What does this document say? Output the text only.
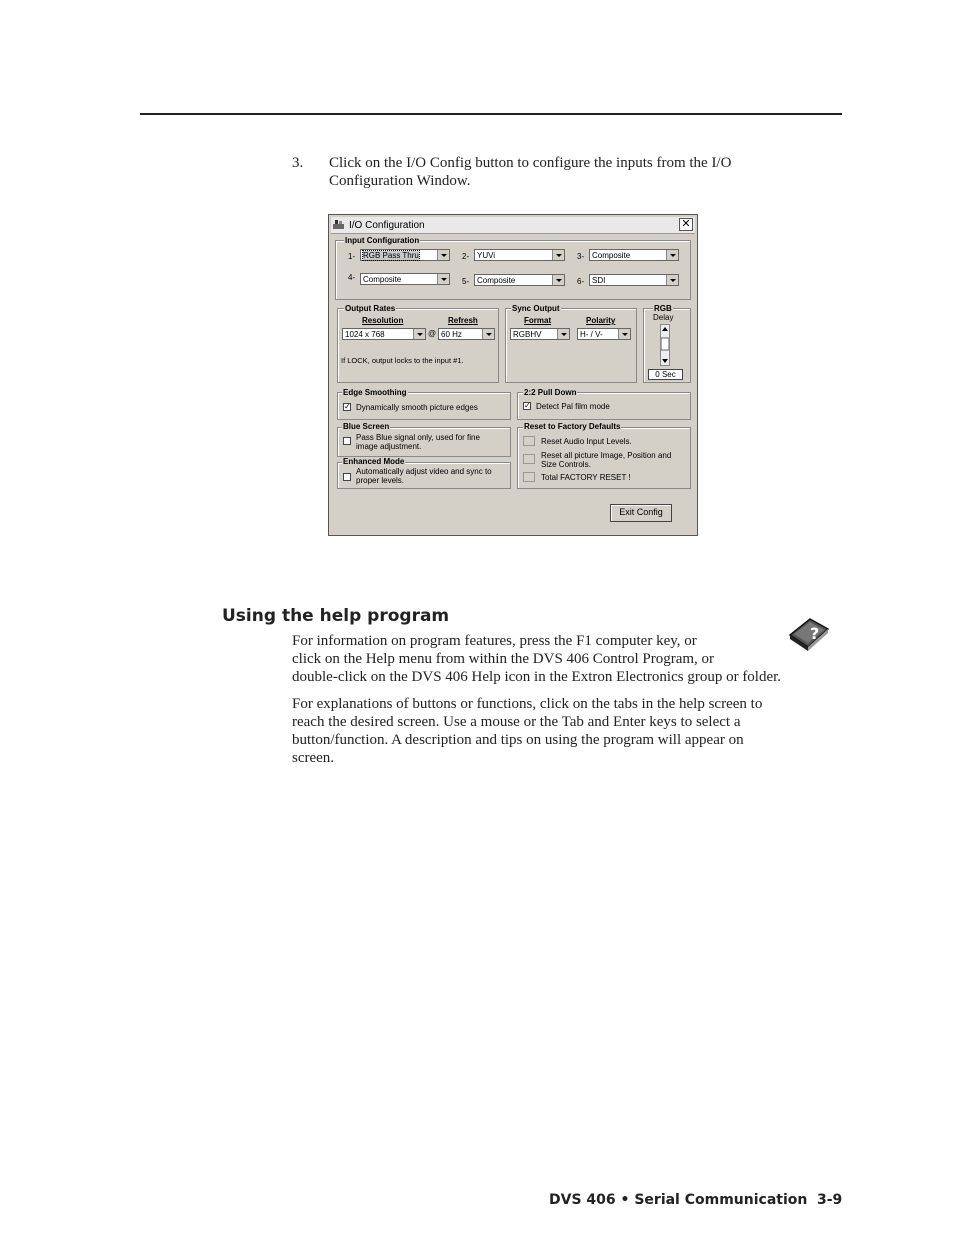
3. Click on the I/O Config button to configure the inputs from the I/O Configuration Window.
I/O Configuration	✕
Input Configuration
1- RGB Pass Thru	2- YUVi	3- Composite
4- Composite	5- Composite	6- SDI
Output Rates
Resolution	Refresh
1024 x 768	@ 60 Hz
If LOCK, output locks to the input #1.
Sync Output
Format	Polarity
RGBHV	H- / V-
RGB
Delay
0 Sec
Edge Smoothing
✓ Dynamically smooth picture edges
2:2 Pull Down
✓ Detect Pal film mode
Blue Screen
Pass Blue signal only, used for fine
image adjustment.
Enhanced Mode
Automatically adjust video and sync to
proper levels.
Reset to Factory Defaults
Reset Audio Input Levels.
Reset all picture Image, Position and
Size Controls.
Total FACTORY RESET !
Exit Config
Using the help program
?
For information on program features, press the F1 computer key, or
click on the Help menu from within the DVS 406 Control Program, or
double-click on the DVS 406 Help icon in the Extron Electronics group or folder.
For explanations of buttons or functions, click on the tabs in the help screen to
reach the desired screen. Use a mouse or the Tab and Enter keys to select a
button/function. A description and tips on using the program will appear on
screen.
DVS 406 • Serial Communication 3-9
